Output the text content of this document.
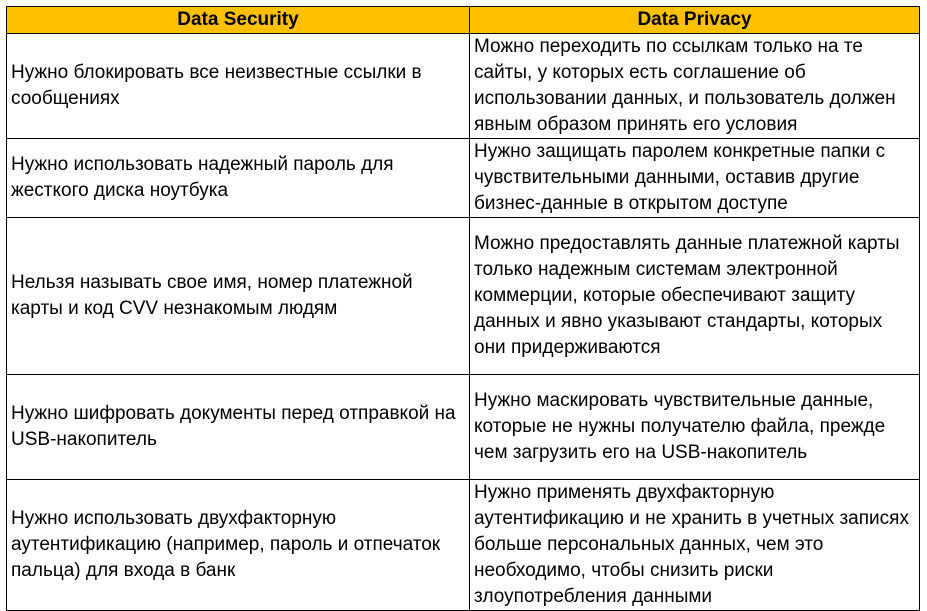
Data Security	Data Privacy
Нужно блокировать все неизвестные ссылки в сообщениях	Можно переходить по ссылкам только на те сайты, у которых есть соглашение об использовании данных, и пользователь должен явным образом принять его условия
Нужно использовать надежный пароль для жесткого диска ноутбука	Нужно защищать паролем конкретные папки с чувствительными данными, оставив другие бизнес-данные в открытом доступе
Нельзя называть свое имя, номер платежной карты и код CVV незнакомым людям	Можно предоставлять данные платежной карты только надежным системам электронной коммерции, которые обеспечивают защиту данных и явно указывают стандарты, которых они придерживаются
Нужно шифровать документы перед отправкой на USB-накопитель	Нужно маскировать чувствительные данные, которые не нужны получателю файла, прежде чем загрузить его на USB-накопитель
Нужно использовать двухфакторную аутентификацию (например, пароль и отпечаток пальца) для входа в банк	Нужно применять двухфакторную аутентификацию и не хранить в учетных записях больше персональных данных, чем это необходимо, чтобы снизить риски злоупотребления данными
